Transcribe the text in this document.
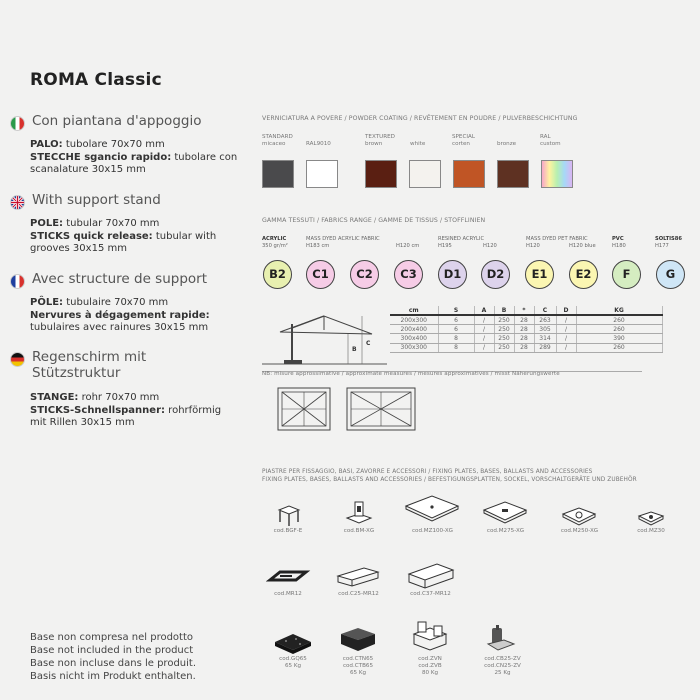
ROMA Classic
Con piantana d'appoggio
PALO: tubolare 70x70 mm
STECCHE sgancio rapido: tubolare con scanalature 30x15 mm
With support stand
POLE: tubular 70x70 mm
STICKS quick release: tubular with grooves 30x15 mm
Avec structure de support
PÔLE: tubulaire 70x70 mm
Nervures à dégagement rapide: tubulaires avec rainures 30x15 mm
Regenschirm mit Stützstruktur
STANGE: rohr 70x70 mm
STICKS-Schnellspanner: rohrförmig mit Rillen 30x15 mm
VERNICIATURA A POVERE / POWDER COATING / REVÊTEMENT EN POUDRE / PULVERBESCHICHTUNG
STANDARD
micaceo	RAL9010
TEXTURED
brown	white
SPECIAL
corten	bronze
RAL
custom
GAMMA TESSUTI / FABRICS RANGE / GAMME DE TISSUS / STOFFLINIEN
ACRYLIC
350 gr/m²
MASS DYED ACRYLIC FABRIC
H183 cm	H120 cm
RESINED ACRYLIC
H195	H120
MASS DYED PET FABRIC
H120	H120 blue
PVC
H180
SOLTIS86
H177
B2	C1	C2	C3	D1	D2	E1	E2	F	G
B
C
cm	S	A	B	*	C	D	KG
200x300	6	/	250	28	263	/	260
200x400	6	/	250	28	305	/	260
300x400	8	/	250	28	314	/	390
300x300	8	/	250	28	289	/	260
NB: misure approssimative / approximate measures / mesures approximatives / misst Näherungswerte
PIASTRE PER FISSAGGIO, BASI, ZAVORRE E ACCESSORI / FIXING PLATES, BASES, BALLASTS AND ACCESSORIES
FIXING PLATES, BASES, BALLASTS AND ACCESSORIES / BEFESTIGUNGSPLATTEN, SOCKEL, VORSCHALTGERÄTE UND ZUBEHÖR
cod.BGF-E	cod.BM-XG	cod.MZ100-XG	cod.M275-XG	cod.M250-XG	cod.MZ30
cod.MR12	cod.C25-MR12	cod.C37-MR12
cod.GQ65
65 Kg
cod.CTN65
cod.CTB65
65 Kg
cod.ZVN
cod.ZVB
80 Kg
cod.CB25-ZV
cod.CN25-ZV
25 Kg
Base non compresa nel prodotto
Base not included in the product
Base non incluse dans le produit.
Basis nicht im Produkt enthalten.
